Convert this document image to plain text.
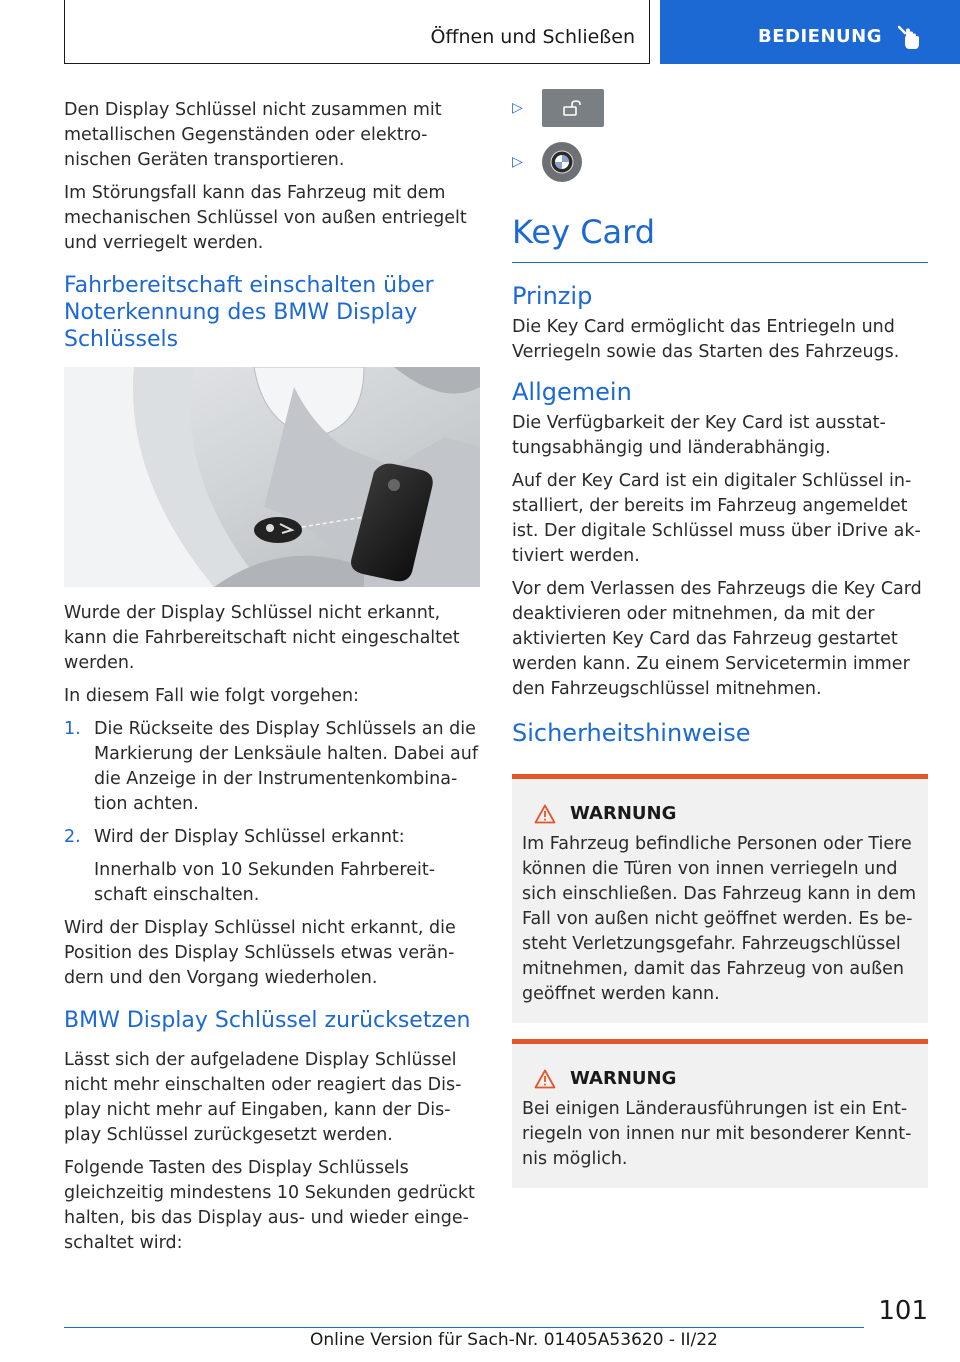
Öffnen und Schließen	BEDIENUNG

Den Display Schlüssel nicht zusammen mit metallischen Gegenständen oder elektronischen Geräten transportieren.

Im Störungsfall kann das Fahrzeug mit dem mechanischen Schlüssel von außen entriegelt und verriegelt werden.

Fahrbereitschaft einschalten über Noterkennung des BMW Display Schlüssels

Wurde der Display Schlüssel nicht erkannt, kann die Fahrbereitschaft nicht eingeschaltet werden.

In diesem Fall wie folgt vorgehen:

1. Die Rückseite des Display Schlüssels an die Markierung der Lenksäule halten. Dabei auf die Anzeige in der Instrumentenkombination achten.
2. Wird der Display Schlüssel erkannt:

Innerhalb von 10 Sekunden Fahrbereitschaft einschalten.

Wird der Display Schlüssel nicht erkannt, die Position des Display Schlüssels etwas verändern und den Vorgang wiederholen.

BMW Display Schlüssel zurücksetzen

Lässt sich der aufgeladene Display Schlüssel nicht mehr einschalten oder reagiert das Display nicht mehr auf Eingaben, kann der Display Schlüssel zurückgesetzt werden.

Folgende Tasten des Display Schlüssels gleichzeitig mindestens 10 Sekunden gedrückt halten, bis das Display aus- und wieder eingeschaltet wird:

▷
▷
Key Card
Prinzip

Die Key Card ermöglicht das Entriegeln und Verriegeln sowie das Starten des Fahrzeugs.

Allgemein

Die Verfügbarkeit der Key Card ist ausstattungsabhängig und länderabhängig.

Auf der Key Card ist ein digitaler Schlüssel installiert, der bereits im Fahrzeug angemeldet ist. Der digitale Schlüssel muss über iDrive aktiviert werden.

Vor dem Verlassen des Fahrzeugs die Key Card deaktivieren oder mitnehmen, da mit der aktivierten Key Card das Fahrzeug gestartet werden kann. Zu einem Servicetermin immer den Fahrzeugschlüssel mitnehmen.

Sicherheitshinweise
WARNUNG

Im Fahrzeug befindliche Personen oder Tiere können die Türen von innen verriegeln und sich einschließen. Das Fahrzeug kann in dem Fall von außen nicht geöffnet werden. Es besteht Verletzungsgefahr. Fahrzeugschlüssel mitnehmen, damit das Fahrzeug von außen geöffnet werden kann.

WARNUNG

Bei einigen Länderausführungen ist ein Entriegeln von innen nur mit besonderer Kenntnis möglich.

101
Online Version für Sach-Nr. 01405A53620 - II/22
